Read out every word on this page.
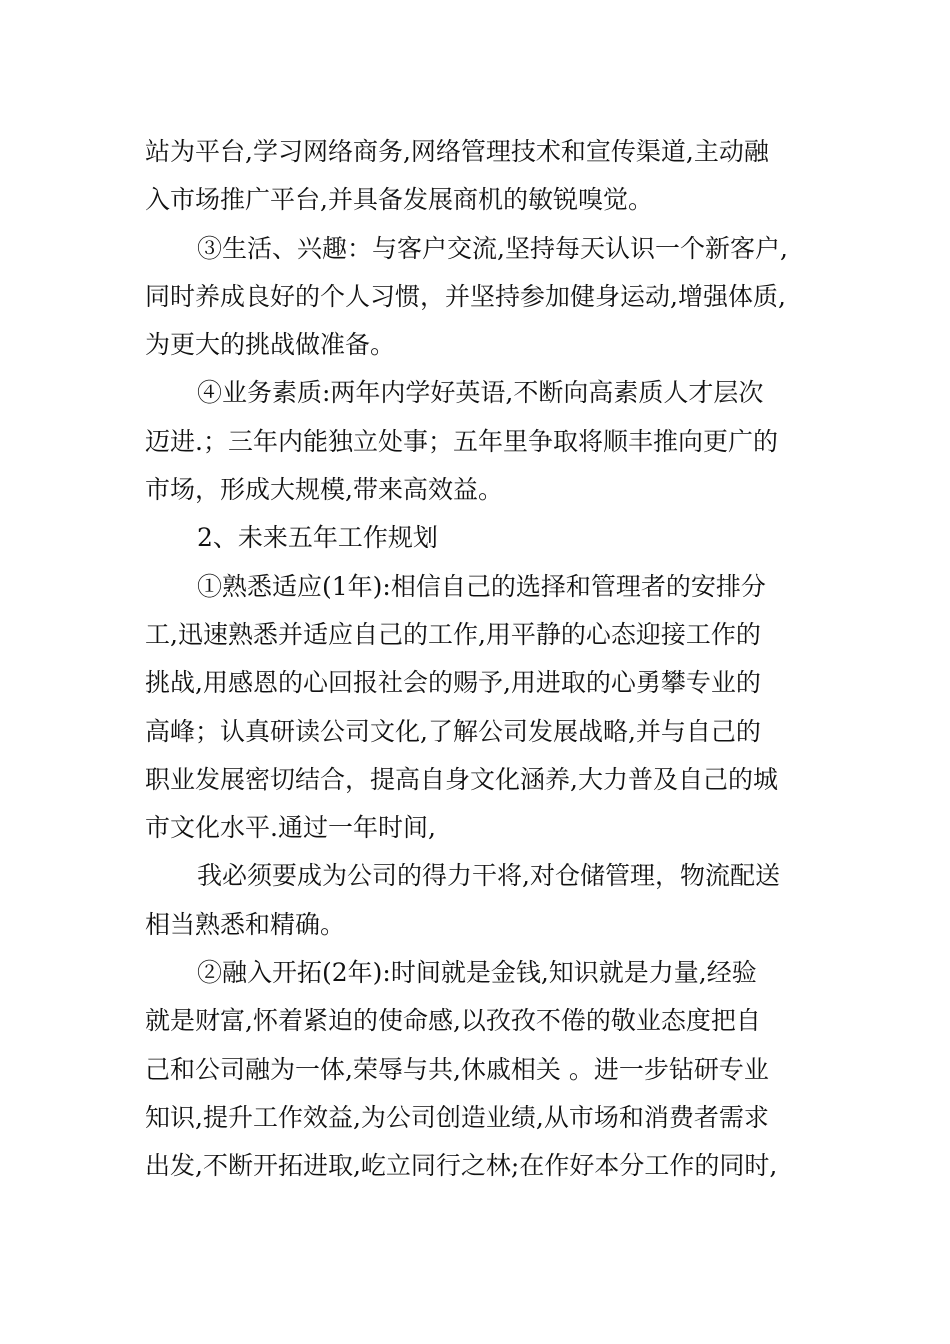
站为平台,学习网络商务,网络管理技术和宣传渠道,主动融
入市场推广平台,并具备发展商机的敏锐嗅觉。
③生活、兴趣：与客户交流,坚持每天认识一个新客户,
同时养成良好的个人习惯，并坚持参加健身运动,增强体质,
为更大的挑战做准备。
④业务素质:两年内学好英语,不断向高素质人才层次
迈进.；三年内能独立处事；五年里争取将顺丰推向更广的
市场，形成大规模,带来高效益。
2、未来五年工作规划
①熟悉适应(1年):相信自己的选择和管理者的安排分
工,迅速熟悉并适应自己的工作,用平静的心态迎接工作的
挑战,用感恩的心回报社会的赐予,用进取的心勇攀专业的
高峰；认真研读公司文化,了解公司发展战略,并与自己的
职业发展密切结合，提高自身文化涵养,大力普及自己的城
市文化水平.通过一年时间,
我必须要成为公司的得力干将,对仓储管理，物流配送
相当熟悉和精确。
②融入开拓(2年):时间就是金钱,知识就是力量,经验
就是财富,怀着紧迫的使命感,以孜孜不倦的敬业态度把自
己和公司融为一体,荣辱与共,休戚相关 。进一步钻研专业
知识,提升工作效益,为公司创造业绩,从市场和消费者需求
出发,不断开拓进取,屹立同行之林;在作好本分工作的同时,
